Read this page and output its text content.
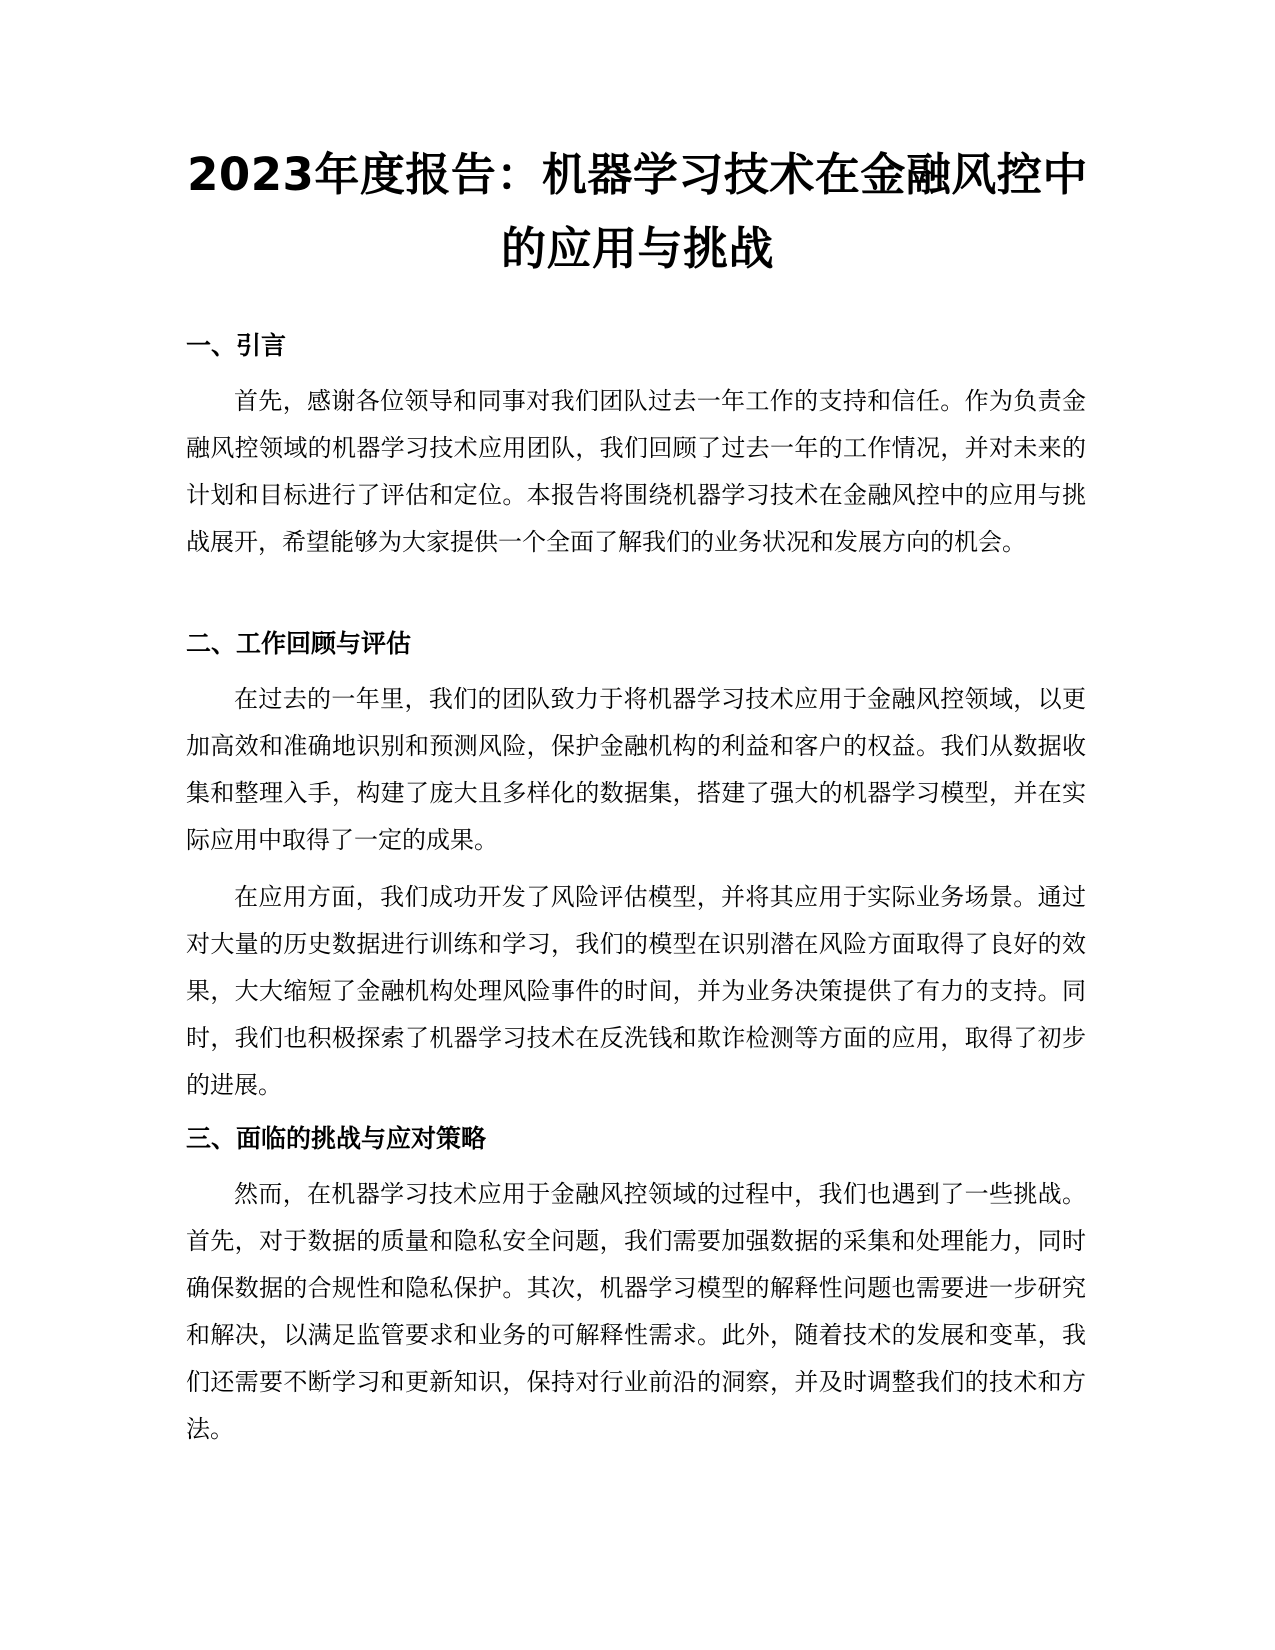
2023年度报告：机器学习技术在金融风控中
的应用与挑战
一、引言

首先，感谢各位领导和同事对我们团队过去一年工作的支持和信任。作为负责金融风控领域的机器学习技术应用团队，我们回顾了过去一年的工作情况，并对未来的计划和目标进行了评估和定位。本报告将围绕机器学习技术在金融风控中的应用与挑战展开，希望能够为大家提供一个全面了解我们的业务状况和发展方向的机会。

二、工作回顾与评估

在过去的一年里，我们的团队致力于将机器学习技术应用于金融风控领域，以更加高效和准确地识别和预测风险，保护金融机构的利益和客户的权益。我们从数据收集和整理入手，构建了庞大且多样化的数据集，搭建了强大的机器学习模型，并在实际应用中取得了一定的成果。

在应用方面，我们成功开发了风险评估模型，并将其应用于实际业务场景。通过对大量的历史数据进行训练和学习，我们的模型在识别潜在风险方面取得了良好的效果，大大缩短了金融机构处理风险事件的时间，并为业务决策提供了有力的支持。同时，我们也积极探索了机器学习技术在反洗钱和欺诈检测等方面的应用，取得了初步的进展。

三、面临的挑战与应对策略

然而，在机器学习技术应用于金融风控领域的过程中，我们也遇到了一些挑战。首先，对于数据的质量和隐私安全问题，我们需要加强数据的采集和处理能力，同时确保数据的合规性和隐私保护。其次，机器学习模型的解释性问题也需要进一步研究和解决，以满足监管要求和业务的可解释性需求。此外，随着技术的发展和变革，我们还需要不断学习和更新知识，保持对行业前沿的洞察，并及时调整我们的技术和方法。
